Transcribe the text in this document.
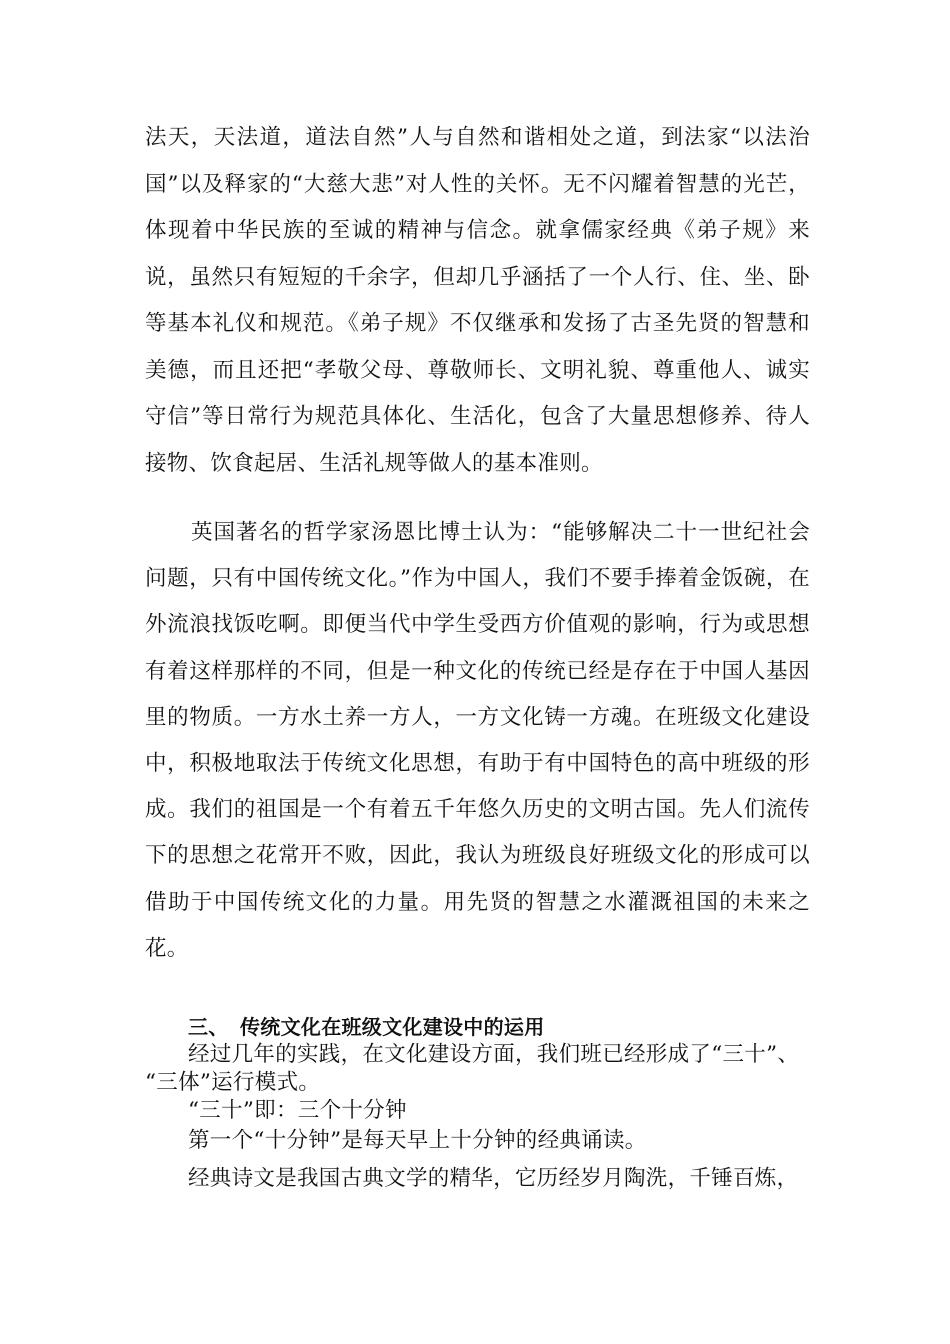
法天，天法道，道法自然”人与自然和谐相处之道，到法家“以法治国”以及释家的“大慈大悲”对人性的关怀。无不闪耀着智慧的光芒，体现着中华民族的至诚的精神与信念。就拿儒家经典《弟子规》来说，虽然只有短短的千余字，但却几乎涵括了一个人行、住、坐、卧等基本礼仪和规范。《弟子规》不仅继承和发扬了古圣先贤的智慧和美德，而且还把“孝敬父母、尊敬师长、文明礼貌、尊重他人、诚实守信”等日常行为规范具体化、生活化，包含了大量思想修养、待人接物、饮食起居、生活礼规等做人的基本准则。

英国著名的哲学家汤恩比博士认为：“能够解决二十一世纪社会问题，只有中国传统文化。”作为中国人，我们不要手捧着金饭碗，在外流浪找饭吃啊。即便当代中学生受西方价值观的影响，行为或思想有着这样那样的不同，但是一种文化的传统已经是存在于中国人基因里的物质。一方水土养一方人，一方文化铸一方魂。在班级文化建设中，积极地取法于传统文化思想，有助于有中国特色的高中班级的形成。我们的祖国是一个有着五千年悠久历史的文明古国。先人们流传下的思想之花常开不败，因此，我认为班级良好班级文化的形成可以借助于中国传统文化的力量。用先贤的智慧之水灌溉祖国的未来之花。

三、 传统文化在班级文化建设中的运用
经过几年的实践，在文化建设方面，我们班已经形成了“三十”、
“三体”运行模式。
“三十”即：三个十分钟
第一个“十分钟”是每天早上十分钟的经典诵读。
经典诗文是我国古典文学的精华，它历经岁月陶洗，千锤百炼，
